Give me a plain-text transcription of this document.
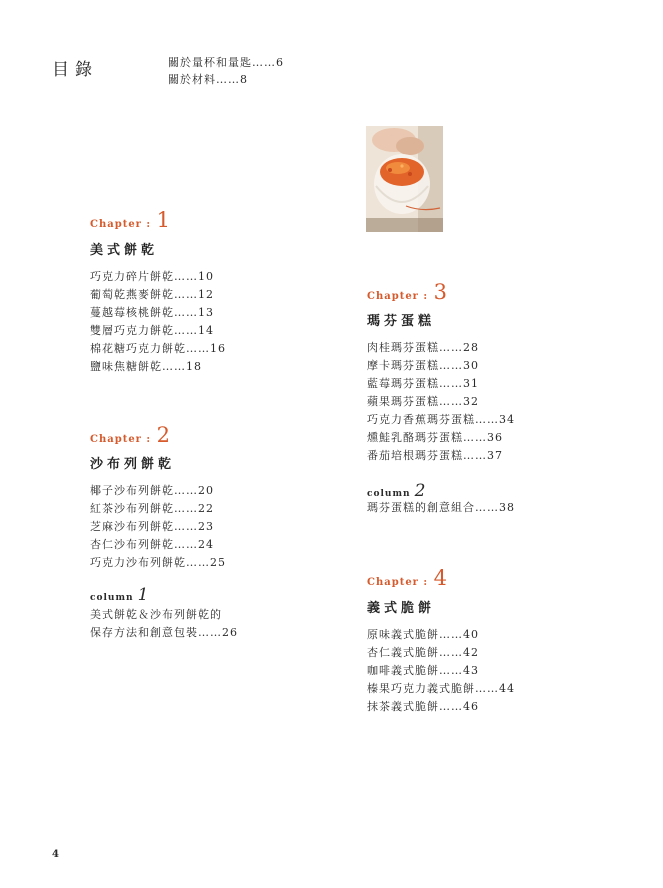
目錄	關於量杯和量匙……6
關於材料……8
Chapter : 1
美式餅乾
巧克力碎片餅乾……10
葡萄乾燕麥餅乾……12
蔓越莓核桃餅乾……13
雙層巧克力餅乾……14
棉花糖巧克力餅乾……16
鹽味焦糖餅乾……18
Chapter : 2
沙布列餅乾
椰子沙布列餅乾……20
紅茶沙布列餅乾……22
芝麻沙布列餅乾……23
杏仁沙布列餅乾……24
巧克力沙布列餅乾……25
column 1
美式餅乾＆沙布列餅乾的
保存方法和創意包裝……26
Chapter : 3
瑪芬蛋糕
肉桂瑪芬蛋糕……28
摩卡瑪芬蛋糕……30
藍莓瑪芬蛋糕……31
蘋果瑪芬蛋糕……32
巧克力香蕉瑪芬蛋糕……34
燻鮭乳酪瑪芬蛋糕……36
番茄培根瑪芬蛋糕……37
column 2
瑪芬蛋糕的創意組合……38
Chapter : 4
義式脆餅
原味義式脆餅……40
杏仁義式脆餅……42
咖啡義式脆餅……43
榛果巧克力義式脆餅……44
抹茶義式脆餅……46
4
